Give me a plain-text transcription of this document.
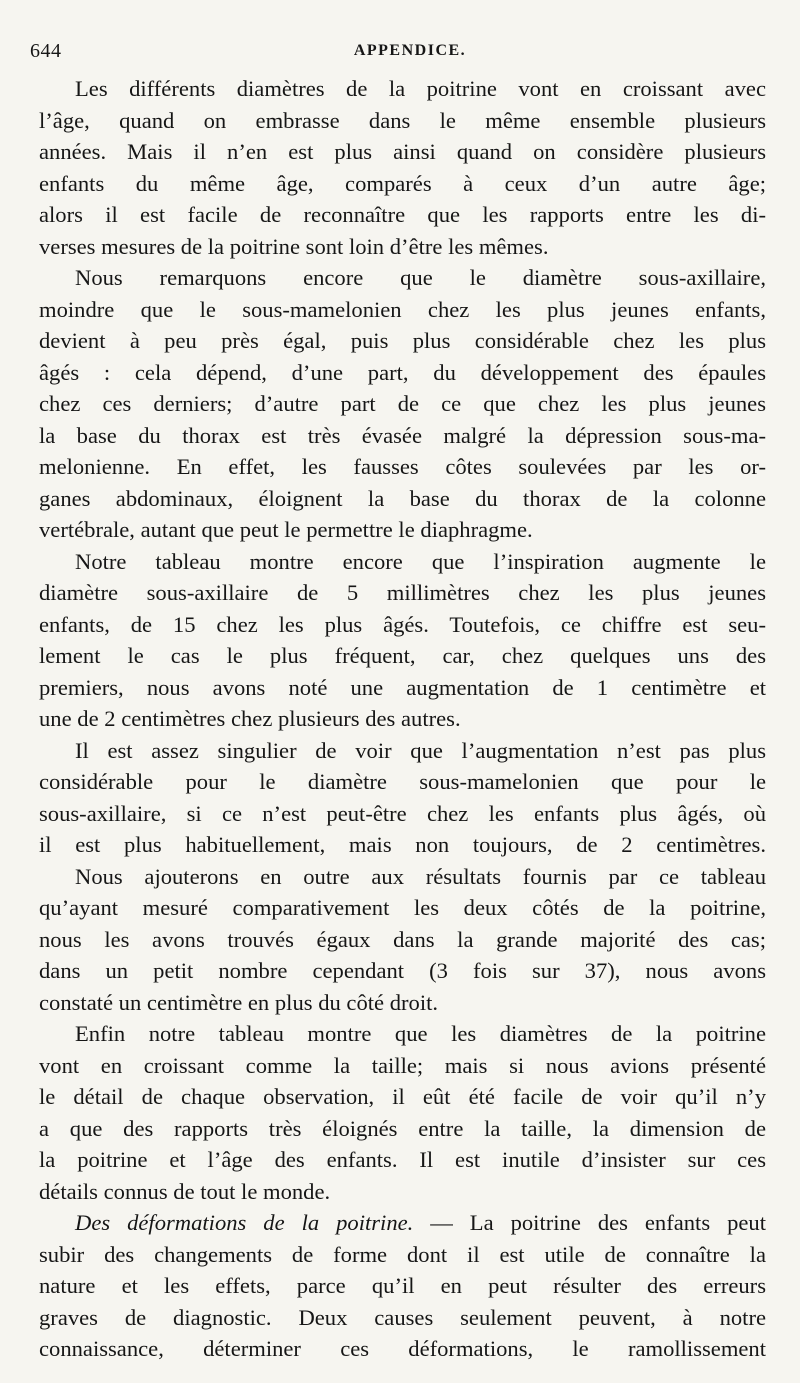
644	APPENDICE.
Les différents diamètres de la poitrine vont en croissant avec
l’âge, quand on embrasse dans le même ensemble plusieurs
années. Mais il n’en est plus ainsi quand on considère plusieurs
enfants du même âge, comparés à ceux d’un autre âge;
alors il est facile de reconnaître que les rapports entre les di-
verses mesures de la poitrine sont loin d’être les mêmes.
Nous remarquons encore que le diamètre sous-axillaire,
moindre que le sous-mamelonien chez les plus jeunes enfants,
devient à peu près égal, puis plus considérable chez les plus
âgés : cela dépend, d’une part, du développement des épaules
chez ces derniers; d’autre part de ce que chez les plus jeunes
la base du thorax est très évasée malgré la dépression sous-ma-
melonienne. En effet, les fausses côtes soulevées par les or-
ganes abdominaux, éloignent la base du thorax de la colonne
vertébrale, autant que peut le permettre le diaphragme.
Notre tableau montre encore que l’inspiration augmente le
diamètre sous-axillaire de 5 millimètres chez les plus jeunes
enfants, de 15 chez les plus âgés. Toutefois, ce chiffre est seu-
lement le cas le plus fréquent, car, chez quelques uns des
premiers, nous avons noté une augmentation de 1 centimètre et
une de 2 centimètres chez plusieurs des autres.
Il est assez singulier de voir que l’augmentation n’est pas plus
considérable pour le diamètre sous-mamelonien que pour le
sous-axillaire, si ce n’est peut-être chez les enfants plus âgés, où
il est plus habituellement, mais non toujours, de 2 centimètres.
Nous ajouterons en outre aux résultats fournis par ce tableau
qu’ayant mesuré comparativement les deux côtés de la poitrine,
nous les avons trouvés égaux dans la grande majorité des cas;
dans un petit nombre cependant (3 fois sur 37), nous avons
constaté un centimètre en plus du côté droit.
Enfin notre tableau montre que les diamètres de la poitrine
vont en croissant comme la taille; mais si nous avions présenté
le détail de chaque observation, il eût été facile de voir qu’il n’y
a que des rapports très éloignés entre la taille, la dimension de
la poitrine et l’âge des enfants. Il est inutile d’insister sur ces
détails connus de tout le monde.
Des déformations de la poitrine. — La poitrine des enfants peut
subir des changements de forme dont il est utile de connaître la
nature et les effets, parce qu’il en peut résulter des erreurs
graves de diagnostic. Deux causes seulement peuvent, à notre
connaissance, déterminer ces déformations, le ramollissement
